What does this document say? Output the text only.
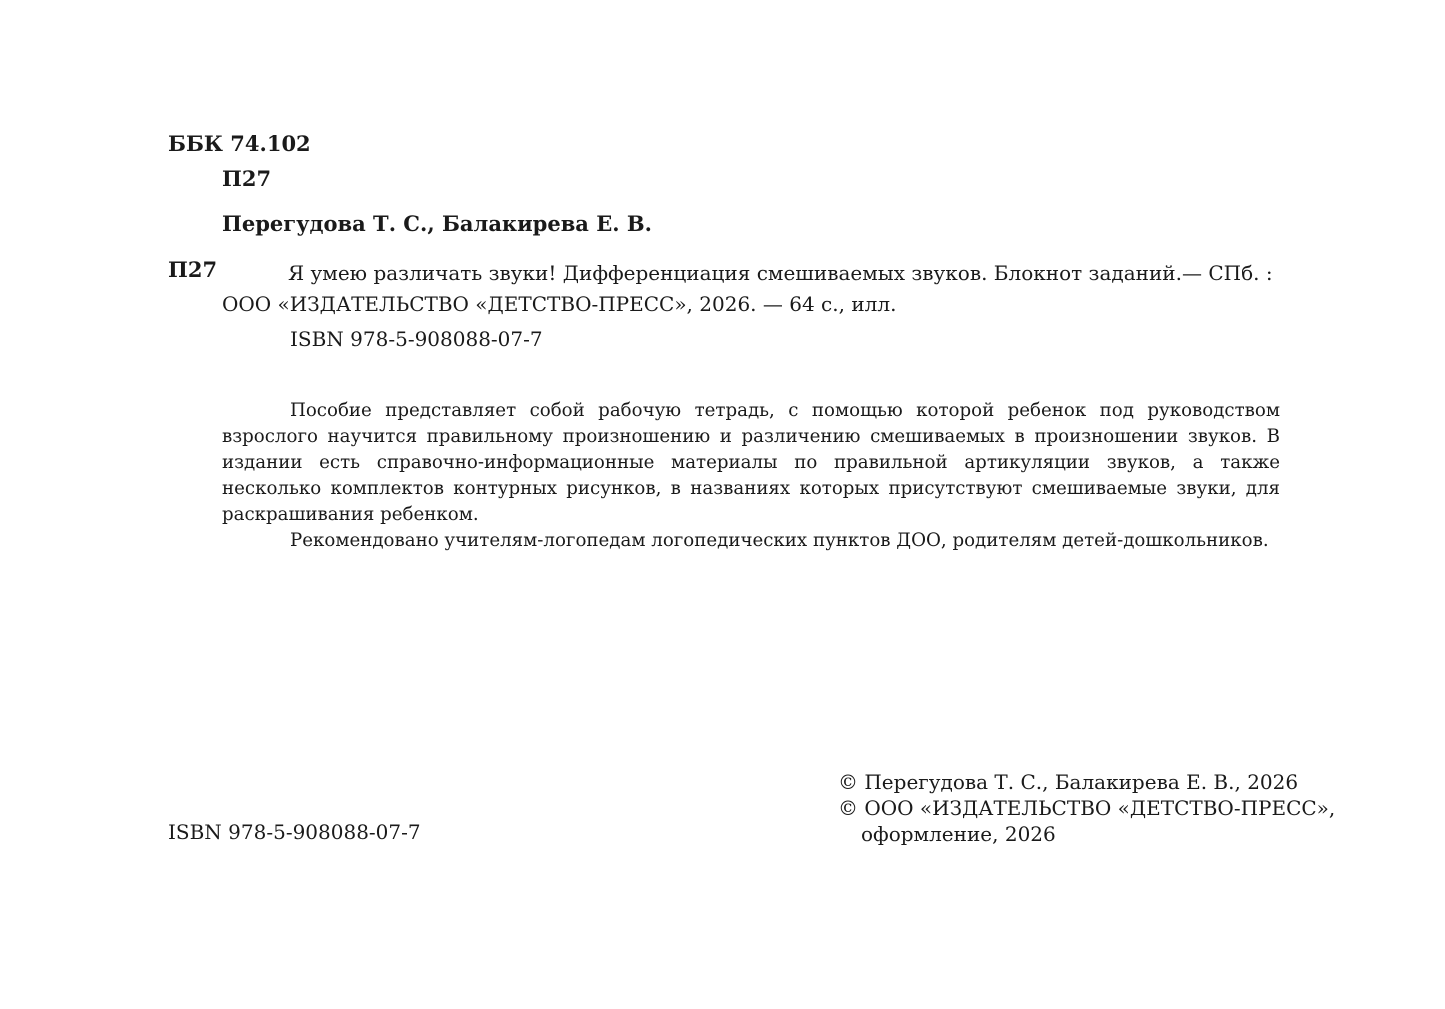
ББК 74.102
П27
Перегудова Т. С., Балакирева Е. В.
П27	Я умею различать звуки! Дифференциация смешиваемых звуков. Блокнот заданий.— СПб. :
ООО «ИЗДАТЕЛЬСТВО «ДЕТСТВО-ПРЕСС», 2026. — 64 с., илл.
ISBN 978-5-908088-07-7

Пособие представляет собой рабочую тетрадь, с помощью которой ребенок под руководством взрослого научится правильному произношению и различению смешиваемых в произношении звуков. В издании есть справочно-информационные материалы по правильной артикуляции звуков, а также несколько комплектов контурных рисунков, в названиях которых присутствуют смешиваемые звуки, для раскрашивания ребенком.

Рекомендовано учителям-логопедам логопедических пунктов ДОО, родителям детей-дошкольников.

© Перегудова Т. С., Балакирева Е. В., 2026
© ООО «ИЗДАТЕЛЬСТВО «ДЕТСТВО-ПРЕСС»,
оформление, 2026
ISBN 978-5-908088-07-7
